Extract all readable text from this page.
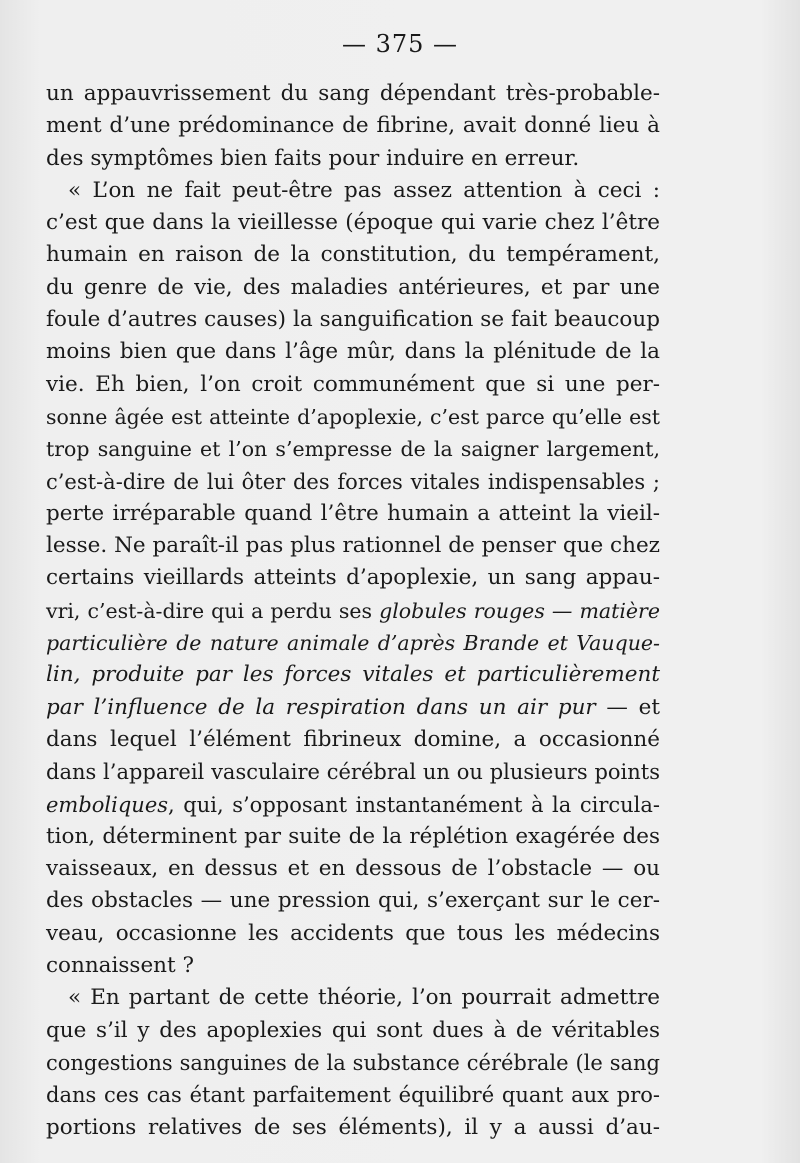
— 375 —
un appauvrissement du sang dépendant très-probable-
ment d’une prédominance de fibrine, avait donné lieu à
des symptômes bien faits pour induire en erreur.
« L’on ne fait peut-être pas assez attention à ceci :
c’est que dans la vieillesse (époque qui varie chez l’être
humain en raison de la constitution, du tempérament,
du genre de vie, des maladies antérieures, et par une
foule d’autres causes) la sanguification se fait beaucoup
moins bien que dans l’âge mûr, dans la plénitude de la
vie. Eh bien, l’on croit communément que si une per-
sonne âgée est atteinte d’apoplexie, c’est parce qu’elle est
trop sanguine et l’on s’empresse de la saigner largement,
c’est-à-dire de lui ôter des forces vitales indispensables ;
perte irréparable quand l’être humain a atteint la vieil-
lesse. Ne paraît-il pas plus rationnel de penser que chez
certains vieillards atteints d’apoplexie, un sang appau-
vri, c’est-à-dire qui a perdu ses globules rouges — matière
particulière de nature animale d’après Brande et Vauque-
lin, produite par les forces vitales et particulièrement
par l’influence de la respiration dans un air pur — et
dans lequel l’élément fibrineux domine, a occasionné
dans l’appareil vasculaire cérébral un ou plusieurs points
emboliques, qui, s’opposant instantanément à la circula-
tion, déterminent par suite de la réplétion exagérée des
vaisseaux, en dessus et en dessous de l’obstacle — ou
des obstacles — une pression qui, s’exerçant sur le cer-
veau, occasionne les accidents que tous les médecins
connaissent ?
« En partant de cette théorie, l’on pourrait admettre
que s’il y des apoplexies qui sont dues à de véritables
congestions sanguines de la substance cérébrale (le sang
dans ces cas étant parfaitement équilibré quant aux pro-
portions relatives de ses éléments), il y a aussi d’au-
